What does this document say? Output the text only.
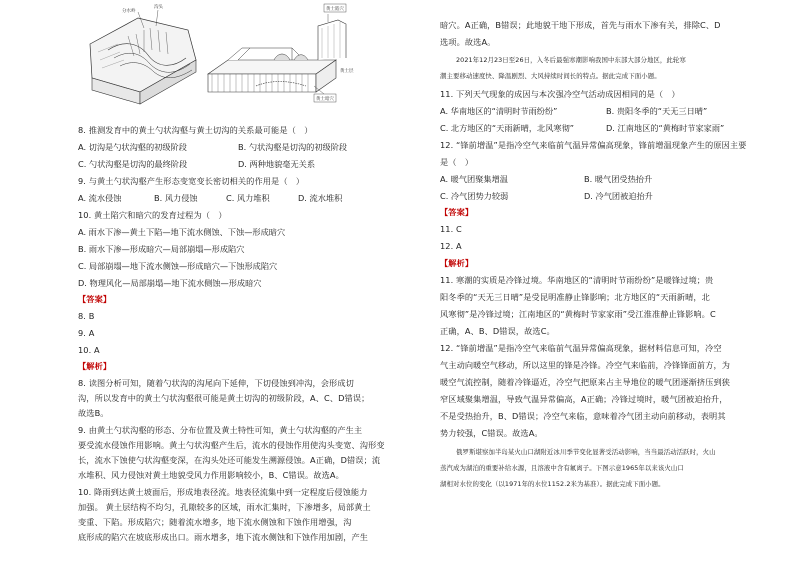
分水岭
沟头	黄土陷穴
黄土暗穴
黄土层
8. 推测发育中的黄土勺状沟壑与黄土切沟的关系最可能是（　）
A. 切沟是勺状沟壑的初级阶段	B. 勺状沟壑是切沟的初级阶段
C. 勺状沟壑是切沟的最终阶段	D. 两种地貌毫无关系
9. 与黄土勺状沟壑产生形态变宽变长密切相关的作用是（　）
A. 流水侵蚀	B. 风力侵蚀	C. 风力堆积	D. 流水堆积
10. 黄土陷穴和暗穴的发育过程为（　）
A. 雨水下渗—黄土下陷—地下流水侧蚀、下蚀—形成暗穴
B. 雨水下渗—形成暗穴—局部崩塌—形成陷穴
C. 局部崩塌—地下流水侧蚀—形成暗穴—下蚀形成陷穴
D. 物理风化—局部崩塌—地下流水侧蚀—形成暗穴
【答案】
8. B
9. A
10. A
【解析】
8. 读图分析可知，随着勺状沟的沟尾向下延伸，下切侵蚀到冲沟，会形成切
沟，所以发育中的黄土勺状沟壑很可能是黄土切沟的初级阶段，A、C、D错误；
故选B。
9. 由黄土勺状沟壑的形态、分布位置及黄土特性可知，黄土勺状沟壑的产生主
要受流水侵蚀作用影响。黄土勺状沟壑产生后，流水的侵蚀作用使沟头变宽、沟形变
长，流水下蚀使勺状沟壑变深，在沟头处还可能发生溯源侵蚀。A正确，D错误；流
水堆积、风力侵蚀对黄土地貌受风力作用影响较小，B、C错误。故选A。
10. 降雨到达黄土坡面后，形成地表径流。地表径流集中到一定程度后侵蚀能力
加强。 黄土层结构不均匀，孔隙较多的区域，雨水汇集时，下渗增多，局部黄土
变重、下陷。形成陷穴；随着流水增多，地下流水侧蚀和下蚀作用增强，沟
底形成的陷穴在坡底形成出口。雨水增多，地下流水侧蚀和下蚀作用加剧，产生
暗穴。A正确，B错误；此地貌干地下形成，首先与雨水下渗有关，排除C、D
选项。故选A。
2021年12月23日至26日，入冬后最强寒潮影响我国中东部大部分地区，此轮寒
潮主要移动速度快、降温剧烈、大风持续时间长的特点。据此完成下面小题。
11. 下列天气现象的成因与本次强冷空气活动成因相同的是（　）
A. 华南地区的“清明时节雨纷纷”	B. 贵阳冬季的“天无三日晴”
C. 北方地区的“天雨新晴，北风寒彻”	D. 江南地区的“黄梅时节家家雨”
12. “锋前增温”是指冷空气来临前气温异常偏高现象，锋前增温现象产生的原因主要
是（　）
A. 暖气团聚集增温	B. 暖气团受热抬升
C. 冷气团势力较弱	D. 冷气团被迫抬升
【答案】
11. C
12. A
【解析】
11. 寒潮的实质是冷锋过境。华南地区的“清明时节雨纷纷”是暖锋过境；贵
阳冬季的“天无三日晴”是受昆明准静止锋影响；北方地区的“天雨新晴，北
风寒彻”是冷锋过境；江南地区的“黄梅时节家家雨”受江淮准静止锋影响。C
正确，A、B、D错误，故选C。
12. “锋前增温”是指冷空气来临前气温异常偏高现象，据材料信息可知，冷空
气主动向暖空气移动，所以这里的锋是冷锋。冷空气来临前，冷锋锋面前方，为
暖空气流控制，随着冷锋逼近，冷空气把原来占主导地位的暖气团逐渐挤压到狭
窄区域聚集增温，导致气温异常偏高，A正确；冷锋过境时，暖气团被迫抬升，
不是受热抬升，B、D错误；冷空气来临，意味着冷气团主动向前移动，表明其
势力较强，C错误。故选A。
俄罗斯堪察加半岛某火山口湖附近冰川季节变化显著受活动影响，当当最活动活跃时，火山
蒸汽成为湖泊的重要补给水源，且溶液中含有氟离子。下图示意1965年以来该火山口
湖相对水位的变化（以1971年的水位1152.2米为基准）。据此完成下面小题。
